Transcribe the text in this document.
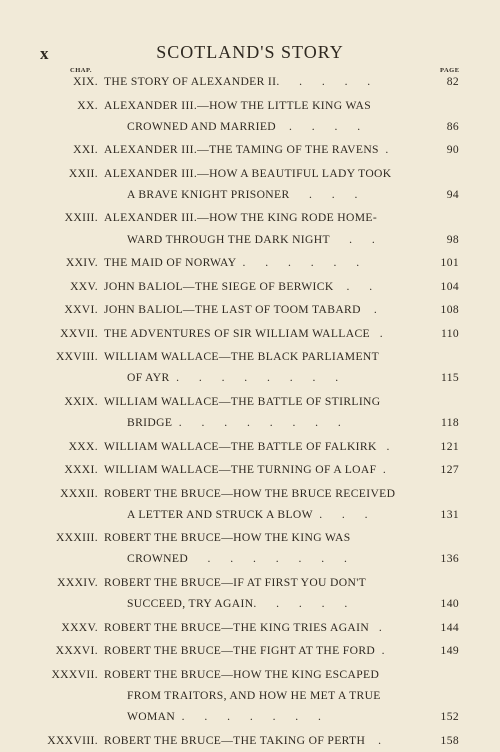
x	SCOTLAND'S STORY
CHAP.	PAGE
XIX. THE STORY OF ALEXANDER II.      .      .      .      .	82
XX. ALEXANDER III.—HOW THE LITTLE KING WAS
CROWNED AND MARRIED    .      .      .      .	86
XXI. ALEXANDER III.—THE TAMING OF THE RAVENS  .	90
XXII. ALEXANDER III.—HOW A BEAUTIFUL LADY TOOK
A BRAVE KNIGHT PRISONER      .      .      .	94
XXIII. ALEXANDER III.—HOW THE KING RODE HOME-
WARD THROUGH THE DARK NIGHT      .      .	98
XXIV. THE MAID OF NORWAY  .      .      .      .      .      .	101
XXV. JOHN BALIOL—THE SIEGE OF BERWICK    .      .	104
XXVI. JOHN BALIOL—THE LAST OF TOOM TABARD    .	108
XXVII. THE ADVENTURES OF SIR WILLIAM WALLACE   .	110
XXVIII. WILLIAM WALLACE—THE BLACK PARLIAMENT
OF AYR  .      .      .      .      .      .      .      .	115
XXIX. WILLIAM WALLACE—THE BATTLE OF STIRLING
BRIDGE  .      .      .      .      .      .      .      .	118
XXX. WILLIAM WALLACE—THE BATTLE OF FALKIRK   .	121
XXXI. WILLIAM WALLACE—THE TURNING OF A LOAF  .	127
XXXII. ROBERT THE BRUCE—HOW THE BRUCE RECEIVED
A LETTER AND STRUCK A BLOW  .      .      .	131
XXXIII. ROBERT THE BRUCE—HOW THE KING WAS
CROWNED      .      .      .      .      .      .      .	136
XXXIV. ROBERT THE BRUCE—IF AT FIRST YOU DON'T
SUCCEED, TRY AGAIN.      .      .      .      .	140
XXXV. ROBERT THE BRUCE—THE KING TRIES AGAIN   .	144
XXXVI. ROBERT THE BRUCE—THE FIGHT AT THE FORD  .	149
XXXVII. ROBERT THE BRUCE—HOW THE KING ESCAPED
FROM TRAITORS, AND HOW HE MET A TRUE
WOMAN  .      .      .      .      .      .      .	152
XXXVIII. ROBERT THE BRUCE—THE TAKING OF PERTH    .	158
